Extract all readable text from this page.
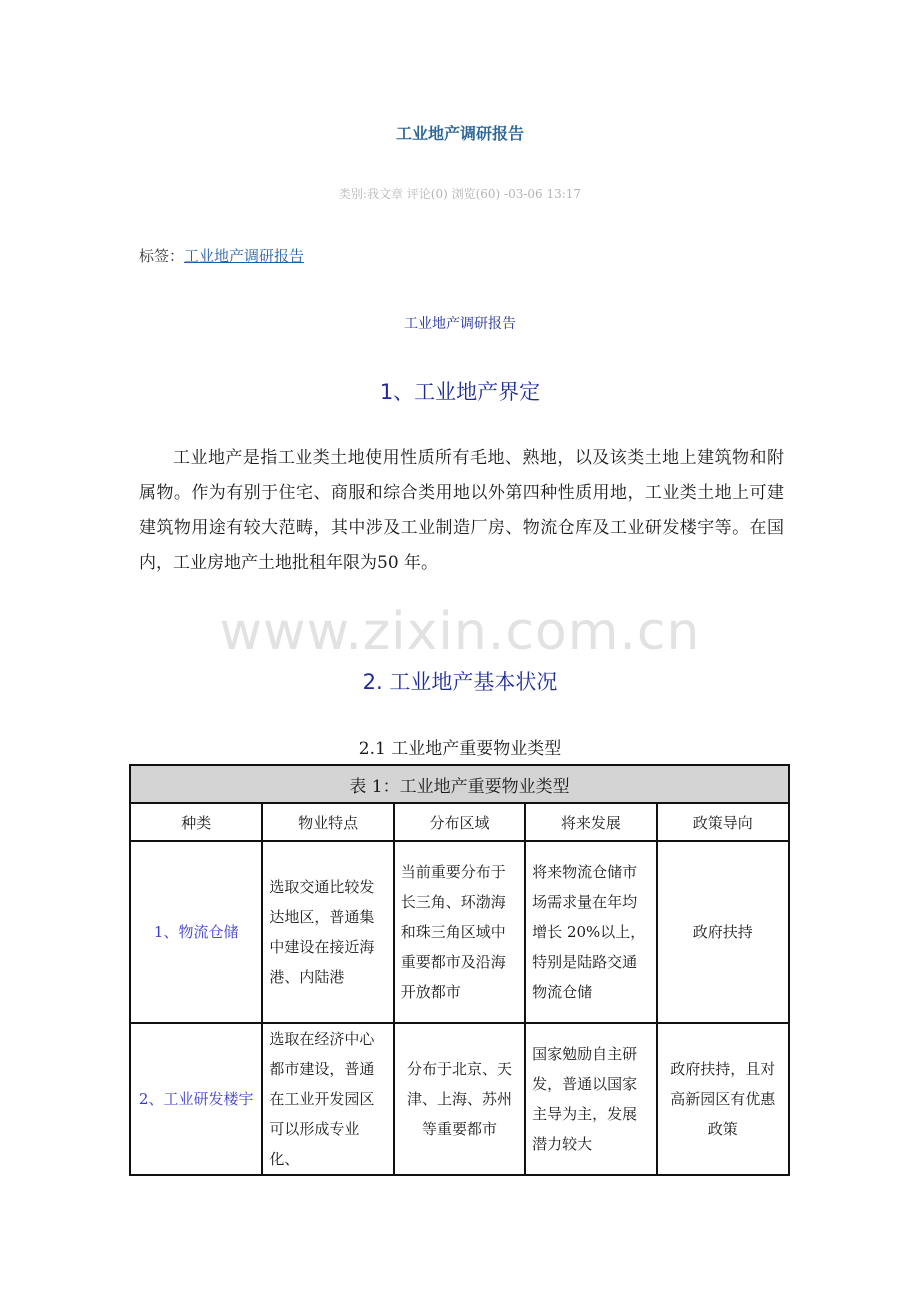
工业地产调研报告
类别:我文章 评论(0) 浏览(60) -03-06 13:17
标签：工业地产调研报告
工业地产调研报告
1、工业地产界定

工业地产是指工业类土地使用性质所有毛地、熟地，以及该类土地上建筑物和附属物。作为有别于住宅、商服和综合类用地以外第四种性质用地，工业类土地上可建建筑物用途有较大范畴，其中涉及工业制造厂房、物流仓库及工业研发楼宇等。在国内，工业房地产土地批租年限为50 年。

www.zixin.com.cn
2. 工业地产基本状况
2.1 工业地产重要物业类型
表 1：工业地产重要物业类型				
种类	物业特点	分布区域	将来发展	政策导向
1、物流仓储	选取交通比较发达地区，普通集中建设在接近海港、内陆港	当前重要分布于长三角、环渤海和珠三角区域中重要都市及沿海开放都市	将来物流仓储市场需求量在年均增长 20%以上，特别是陆路交通物流仓储	政府扶持
2、工业研发楼宇	选取在经济中心都市建设，普通在工业开发园区可以形成专业化、	分布于北京、天津、上海、苏州等重要都市	国家勉励自主研发，普通以国家主导为主，发展潜力较大	政府扶持，且对高新园区有优惠政策
